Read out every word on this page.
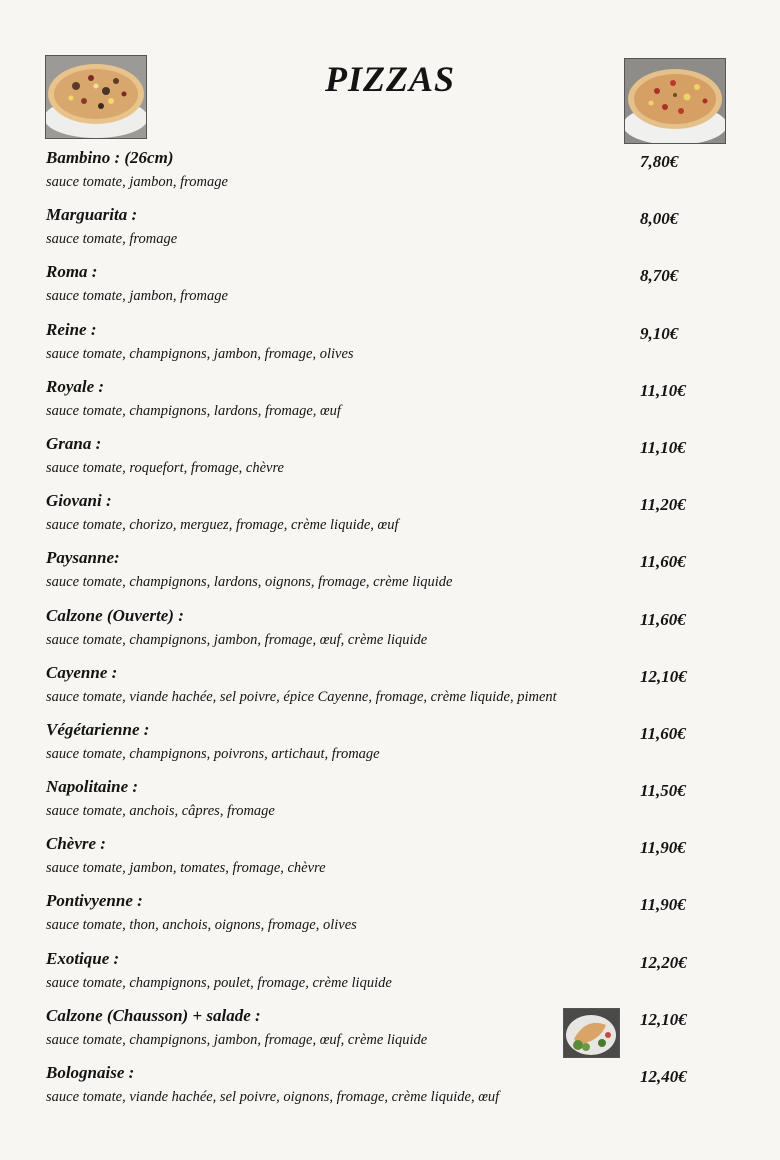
PIZZAS
Bambino : (26cm)
sauce tomate, jambon, fromage
7,80€
Marguarita :
sauce tomate, fromage
8,00€
Roma :
sauce tomate, jambon, fromage
8,70€
Reine :
sauce tomate, champignons, jambon, fromage, olives
9,10€
Royale :
sauce tomate, champignons, lardons, fromage, œuf
11,10€
Grana :
sauce tomate, roquefort, fromage, chèvre
11,10€
Giovani :
sauce tomate, chorizo, merguez, fromage, crème liquide, œuf
11,20€
Paysanne:
sauce tomate, champignons, lardons, oignons, fromage, crème liquide
11,60€
Calzone (Ouverte) :
sauce tomate, champignons, jambon, fromage, œuf, crème liquide
11,60€
Cayenne :
sauce tomate, viande hachée, sel poivre, épice Cayenne, fromage, crème liquide, piment
12,10€
Végétarienne :
sauce tomate, champignons, poivrons, artichaut, fromage
11,60€
Napolitaine :
sauce tomate, anchois, câpres, fromage
11,50€
Chèvre :
sauce tomate, jambon, tomates, fromage, chèvre
11,90€
Pontivyenne :
sauce tomate, thon, anchois, oignons, fromage, olives
11,90€
Exotique :
sauce tomate, champignons, poulet, fromage, crème liquide
12,20€
Calzone (Chausson) + salade :
sauce tomate, champignons, jambon, fromage, œuf, crème liquide
12,10€
Bolognaise :
sauce tomate, viande hachée, sel poivre, oignons, fromage, crème liquide, œuf
12,40€
